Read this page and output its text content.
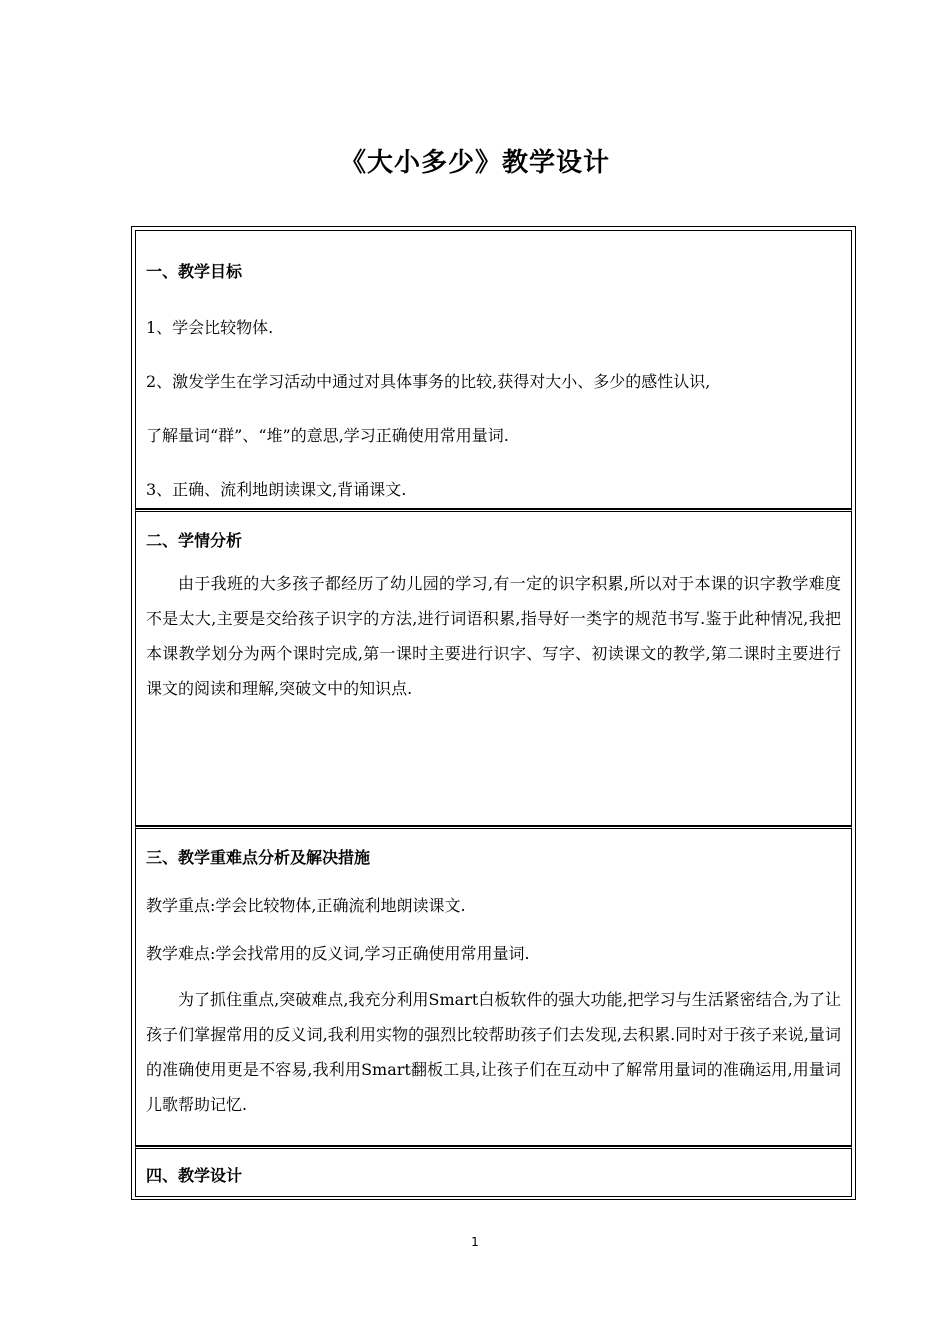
《大小多少》教学设计
一、教学目标
1、学会比较物体.
2、激发学生在学习活动中通过对具体事务的比较,获得对大小、多少的感性认识,
了解量词“群”、“堆”的意思,学习正确使用常用量词.
3、正确、流利地朗读课文,背诵课文.
二、学情分析
由于我班的大多孩子都经历了幼儿园的学习,有一定的识字积累,所以对于本课的识字教学难度不是太大,主要是交给孩子识字的方法,进行词语积累,指导好一类字的规范书写.鉴于此种情况,我把本课教学划分为两个课时完成,第一课时主要进行识字、写字、初读课文的教学,第二课时主要进行课文的阅读和理解,突破文中的知识点.
三、教学重难点分析及解决措施
教学重点:学会比较物体,正确流利地朗读课文.
教学难点:学会找常用的反义词,学习正确使用常用量词.
为了抓住重点,突破难点,我充分利用Smart白板软件的强大功能,把学习与生活紧密结合,为了让孩子们掌握常用的反义词,我利用实物的强烈比较帮助孩子们去发现,去积累.同时对于孩子来说,量词的准确使用更是不容易,我利用Smart翻板工具,让孩子们在互动中了解常用量词的准确运用,用量词儿歌帮助记忆.
四、教学设计
1
